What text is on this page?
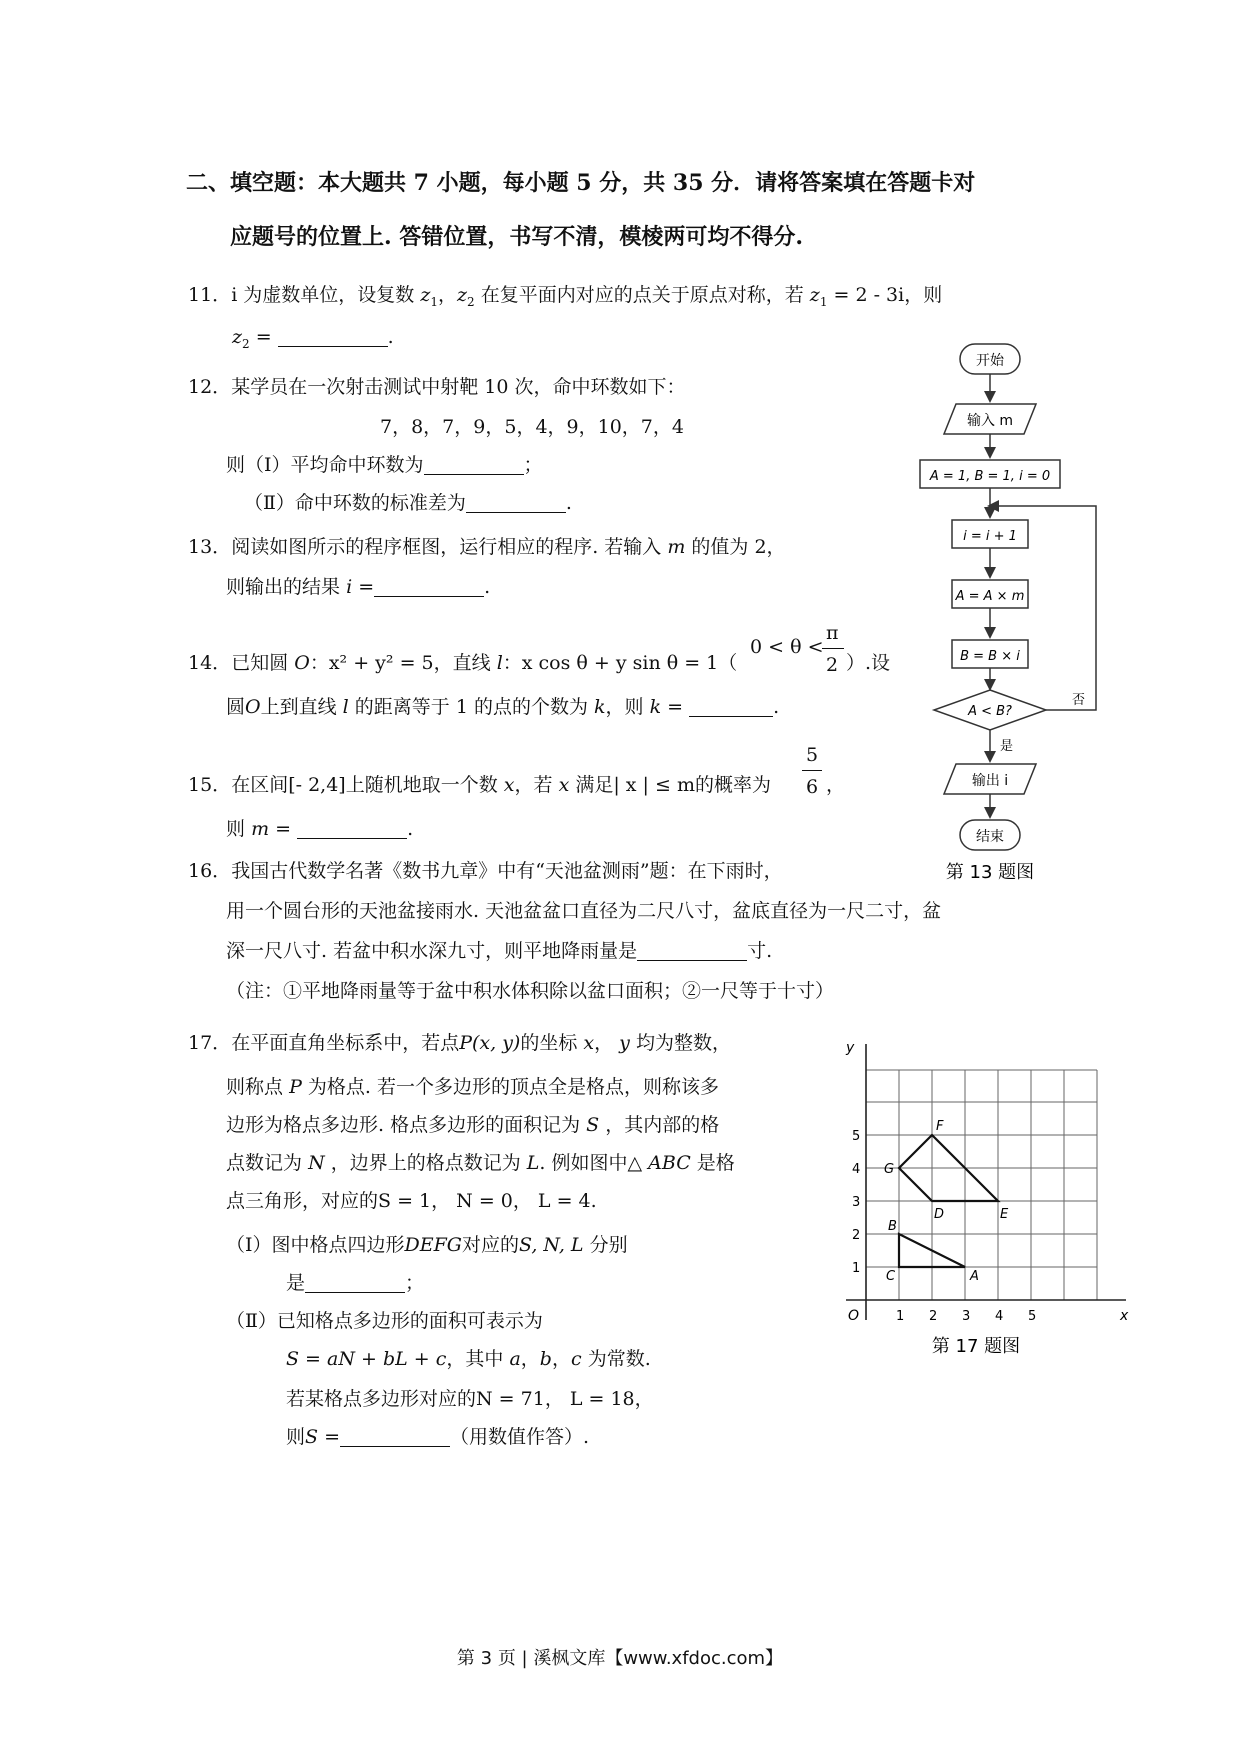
二、填空题：本大题共 7 小题，每小题 5 分，共 35 分．请将答案填在答题卡对
应题号的位置上. 答错位置，书写不清，模棱两可均不得分.
11．i 为虚数单位，设复数 $z_1$，$z_2$ 在复平面内对应的点关于原点对称，若 $z_1 = 2 - 3i$，则
$z_2$ =	.
12．某学员在一次射击测试中射靶 10 次，命中环数如下：
7，8，7，9，5，4，9，10，7，4
则（Ⅰ）平均命中环数为	；
（Ⅱ）命中环数的标准差为	.
13．阅读如图所示的程序框图，运行相应的程序. 若输入 m 的值为 2，
则输出的结果 i =	.
14．已知圆 O：x² + y² = 5，直线 l：x cos θ + y sin θ = 1（
0 < θ <
π
2 ）.设
圆O上到直线 l 的距离等于 1 的点的个数为 k，则 k =	.
15．在区间[- 2,4]上随机地取一个数 x，若 x 满足| x | ≤ m的概率为
5
6 ，
则 m =	.
16．我国古代数学名著《数书九章》中有“天池盆测雨”题：在下雨时，
用一个圆台形的天池盆接雨水. 天池盆盆口直径为二尺八寸，盆底直径为一尺二寸，盆
深一尺八寸. 若盆中积水深九寸，则平地降雨量是	寸.
（注：①平地降雨量等于盆中积水体积除以盆口面积；②一尺等于十寸）
17．在平面直角坐标系中，若点P(x, y)的坐标 x， y 均为整数，
则称点 P 为格点. 若一个多边形的顶点全是格点，则称该多
边形为格点多边形. 格点多边形的面积记为 S ，其内部的格
点数记为 N ，边界上的格点数记为 L. 例如图中△ ABC 是格
点三角形，对应的S = 1， N = 0， L = 4.
（Ⅰ）图中格点四边形DEFG对应的S, N, L 分别
是	；
（Ⅱ）已知格点多边形的面积可表示为
S = aN + bL + c，其中 a，b，c 为常数.
若某格点多边形对应的N = 71， L = 18，
则S =	（用数值作答）.
开始
输入 m
A = 1, B = 1, i = 0
i = i + 1
A = A × m
B = B × i
A < B?
否
是
输出 i
结束
第 13 题图
x
y
O	1 2 3 4 5
1
2
3
4
5
A
B
C
D	E
F
G
第 17 题图
第 3 页 | 溪枫文库【www.xfdoc.com】
